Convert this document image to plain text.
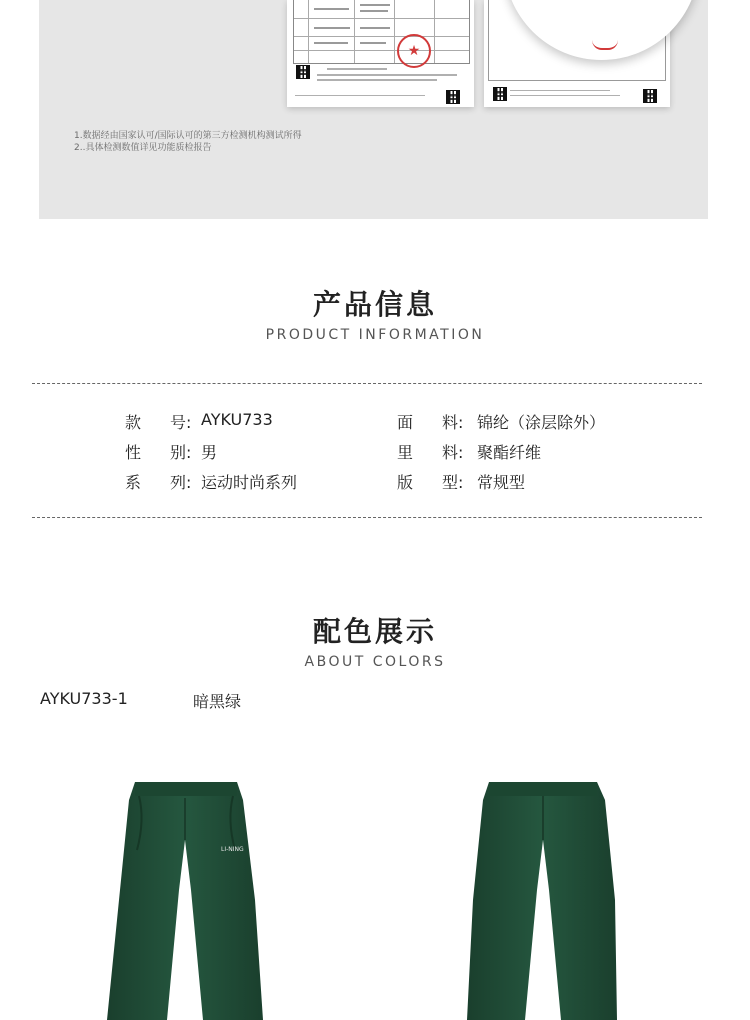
★
1.数据经由国家认可/国际认可的第三方检测机构测试所得
2..具体检测数值详见功能质检报告
产品信息
PRODUCT INFORMATION
款 号: AYKU733	面 料: 锦纶（涂层除外）
性 别: 男	里 料: 聚酯纤维
系 列: 运动时尚系列	版 型: 常规型
配色展示
ABOUT COLORS
AYKU733-1	暗黑绿
LI-NING
